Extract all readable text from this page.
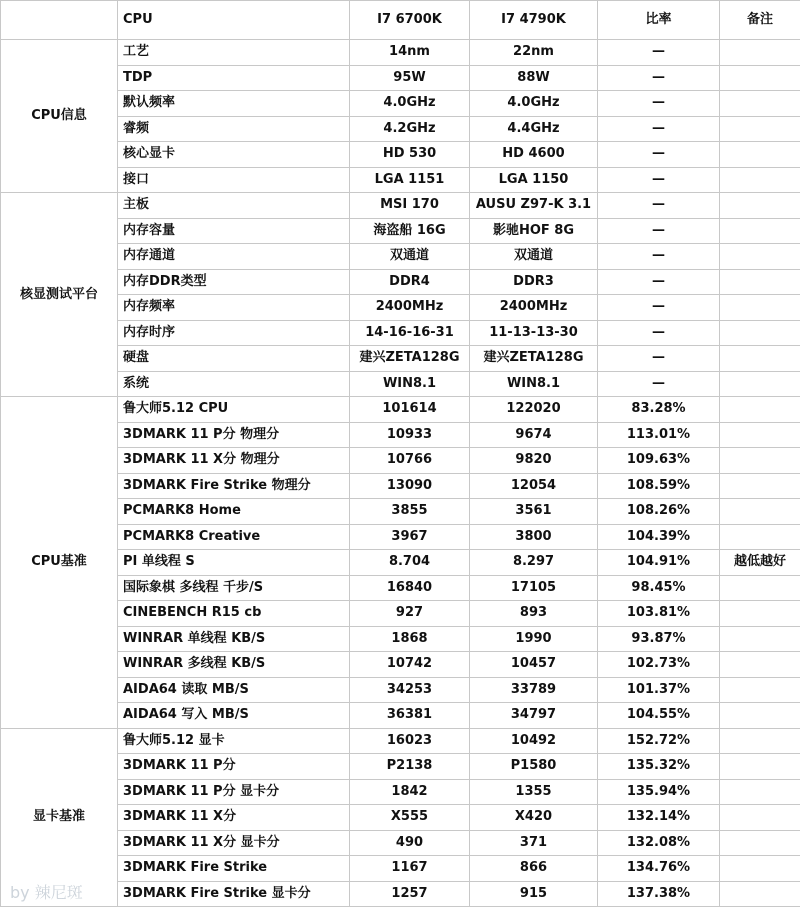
	CPU	I7 6700K	I7 4790K	比率	备注
CPU信息	工艺	14nm	22nm	—	
	TDP	95W	88W	—	
	默认频率	4.0GHz	4.0GHz	—	
	睿频	4.2GHz	4.4GHz	—	
	核心显卡	HD 530	HD 4600	—	
	接口	LGA 1151	LGA 1150	—	
核显测试平台	主板	MSI 170	AUSU Z97-K 3.1	—	
	内存容量	海盗船 16G	影驰HOF 8G	—	
	内存通道	双通道	双通道	—	
	内存DDR类型	DDR4	DDR3	—	
	内存频率	2400MHz	2400MHz	—	
	内存时序	14-16-16-31	11-13-13-30	—	
	硬盘	建兴ZETA128G	建兴ZETA128G	—	
	系统	WIN8.1	WIN8.1	—	
CPU基准	鲁大师5.12 CPU	101614	122020	83.28%	
	3DMARK 11 P分 物理分	10933	9674	113.01%	
	3DMARK 11 X分 物理分	10766	9820	109.63%	
	3DMARK Fire Strike 物理分	13090	12054	108.59%	
	PCMARK8 Home	3855	3561	108.26%	
	PCMARK8 Creative	3967	3800	104.39%	
	PI 单线程 S	8.704	8.297	104.91%	越低越好
	国际象棋 多线程 千步/S	16840	17105	98.45%	
	CINEBENCH R15 cb	927	893	103.81%	
	WINRAR 单线程 KB/S	1868	1990	93.87%	
	WINRAR 多线程 KB/S	10742	10457	102.73%	
	AIDA64 读取 MB/S	34253	33789	101.37%	
	AIDA64 写入 MB/S	36381	34797	104.55%	
显卡基准	鲁大师5.12 显卡	16023	10492	152.72%	
	3DMARK 11 P分	P2138	P1580	135.32%	
	3DMARK 11 P分 显卡分	1842	1355	135.94%	
	3DMARK 11 X分	X555	X420	132.14%	
	3DMARK 11 X分 显卡分	490	371	132.08%	
	3DMARK Fire Strike	1167	866	134.76%	
	3DMARK Fire Strike 显卡分	1257	915	137.38%	
by 辣尼斑
